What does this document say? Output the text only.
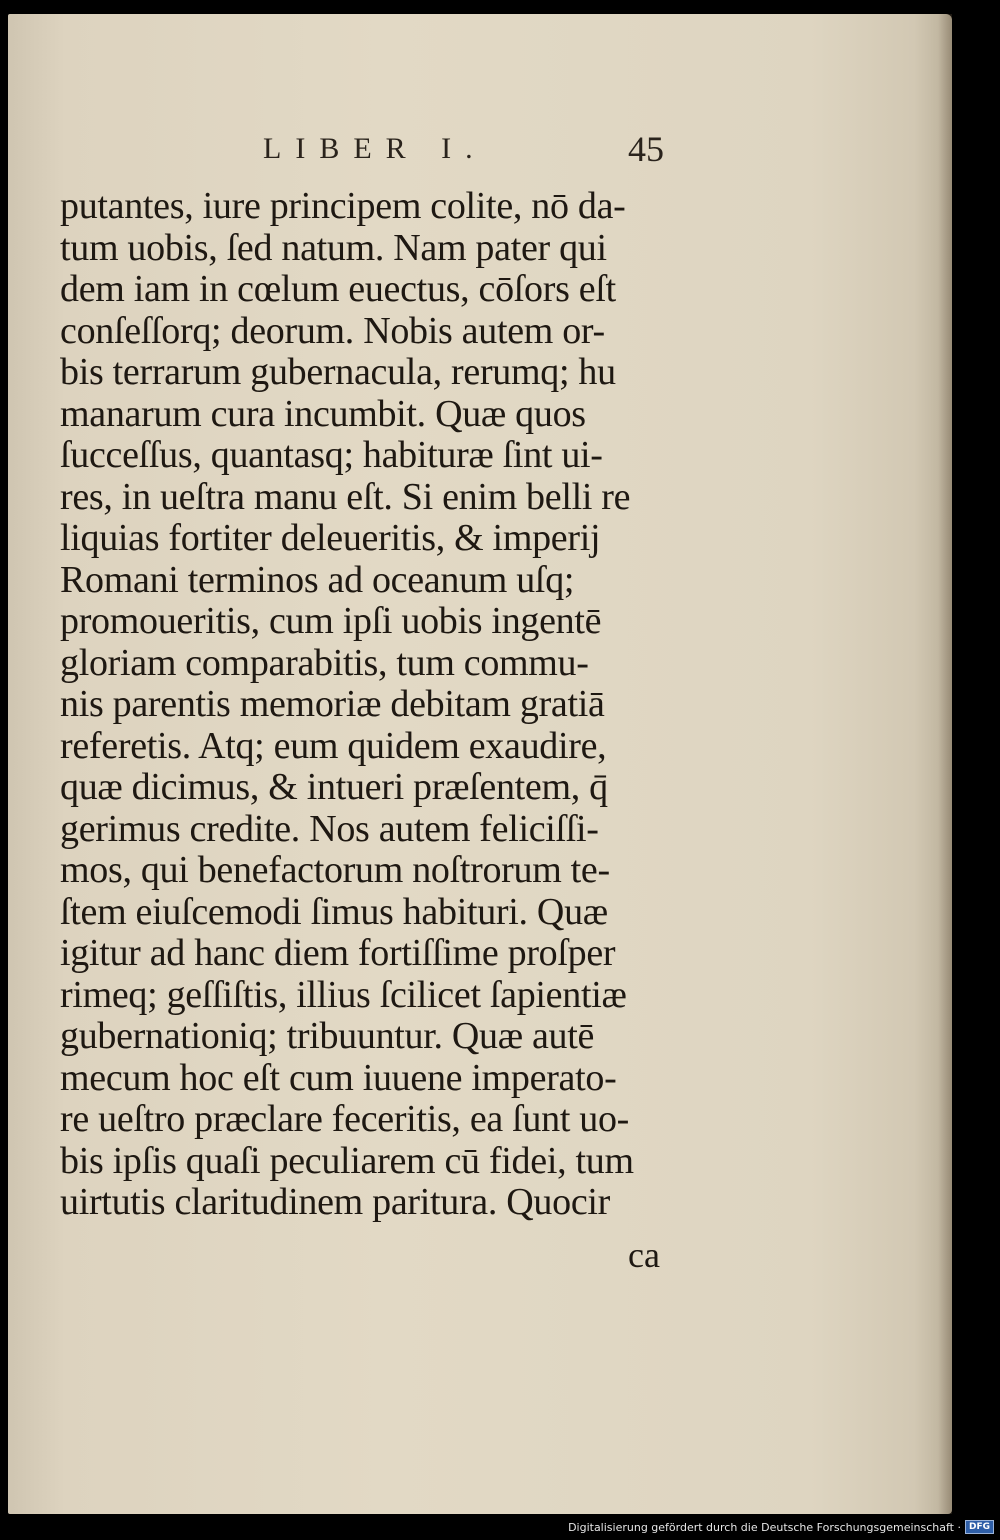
LIBER I.	45
putantes, iure principem colite, nō da-
tum uobis, ſed natum. Nam pater qui
dem iam in cœlum euectus, cōſors eſt
conſeſſorq; deorum. Nobis autem or-
bis terrarum gubernacula, rerumq; hu
manarum cura incumbit. Quæ quos
ſucceſſus, quantasq; habituræ ſint ui-
res, in ueſtra manu eſt. Si enim belli re
liquias fortiter deleueritis, & imperij
Romani terminos ad oceanum uſq;
promoueritis, cum ipſi uobis ingentē
gloriam comparabitis, tum commu-
nis parentis memoriæ debitam gratiā
referetis. Atq; eum quidem exaudire,
quæ dicimus, & intueri præſentem, q̄
gerimus credite. Nos autem feliciſſi-
mos, qui benefactorum noſtrorum te-
ſtem eiuſcemodi ſimus habituri. Quæ
igitur ad hanc diem fortiſſime proſper
rimeq; geſſiſtis, illius ſcilicet ſapientiæ
gubernationiq; tribuuntur. Quæ autē
mecum hoc eſt cum iuuene imperato-
re ueſtro præclare feceritis, ea ſunt uo-
bis ipſis quaſi peculiarem cū fidei, tum
uirtutis claritudinem paritura. Quocir
ca
Digitalisierung gefördert durch die Deutsche Forschungsgemeinschaft · DFG
